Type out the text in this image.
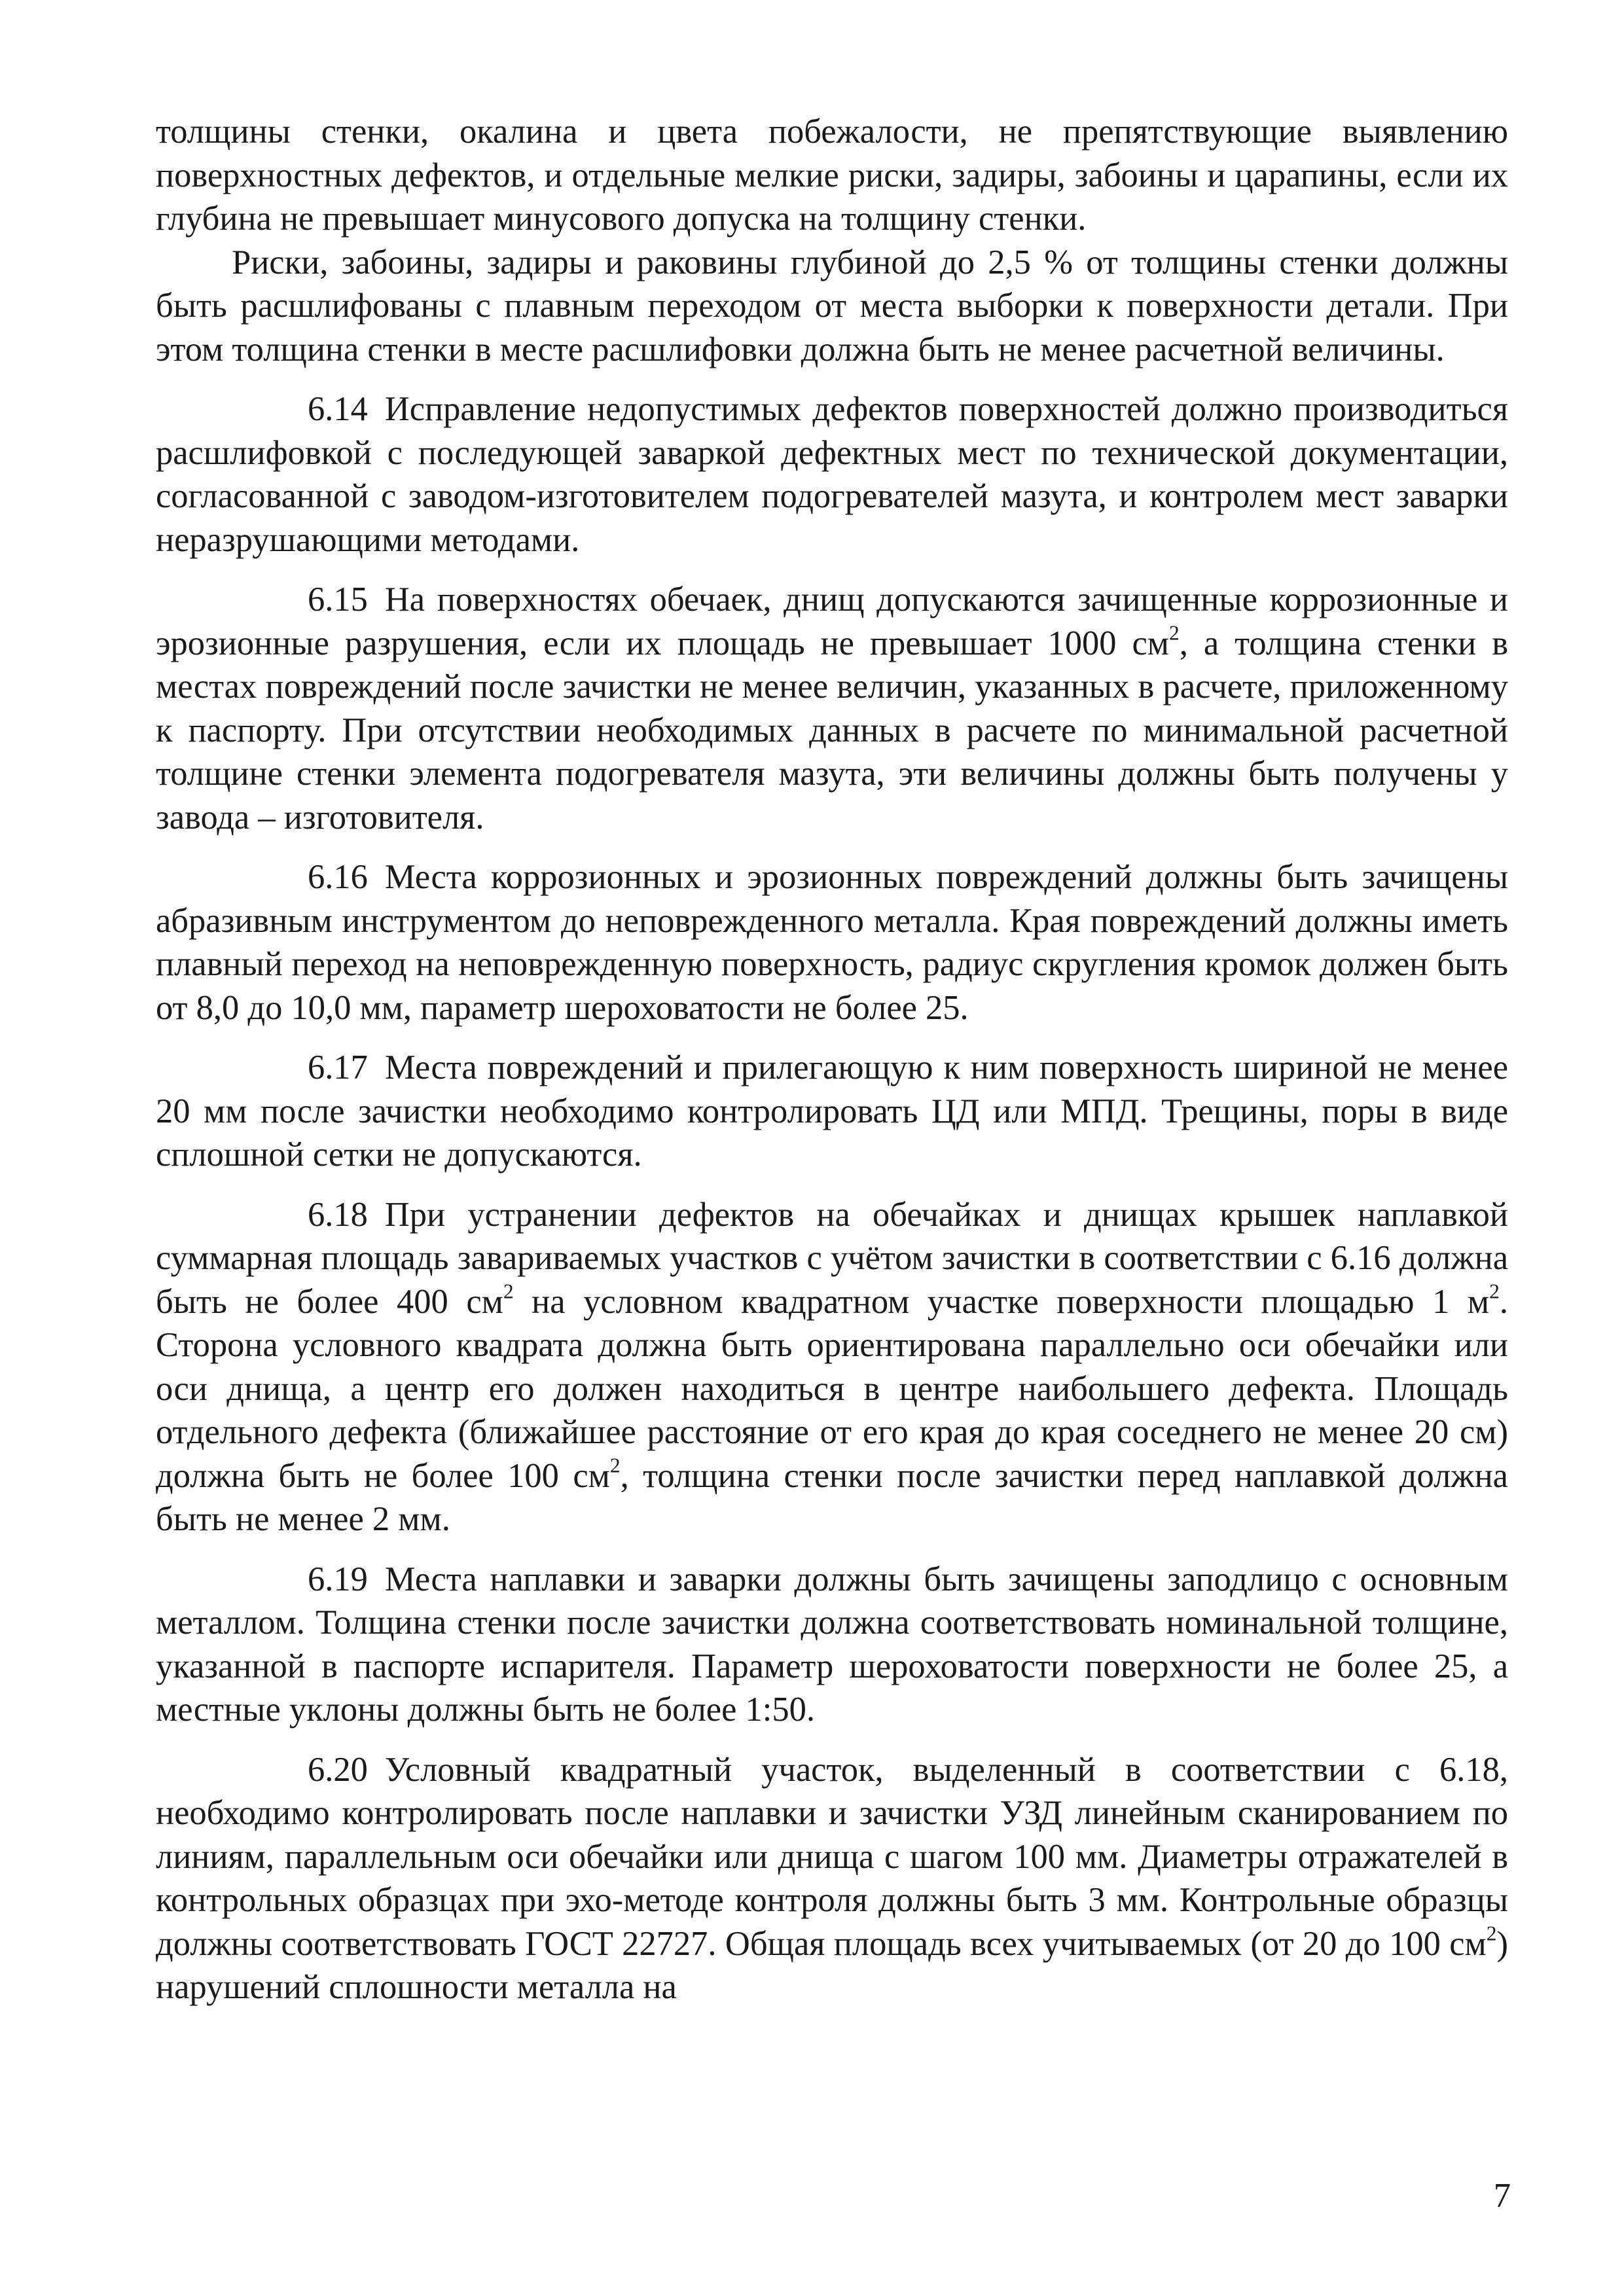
толщины стенки, окалина и цвета побежалости, не препятствующие выявлению поверхностных дефектов, и отдельные мелкие риски, задиры, забоины и царапины, если их глубина не превышает минусового допуска на толщину стенки.

Риски, забоины, задиры и раковины глубиной до 2,5 % от толщины стенки должны быть расшлифованы с плавным переходом от места выборки к поверхности детали. При этом толщина стенки в месте расшлифовки должна быть не менее расчетной величины.

6.14 Исправление недопустимых дефектов поверхностей должно производиться расшлифовкой с последующей заваркой дефектных мест по технической документации, согласованной с заводом-изготовителем подогревателей мазута, и контролем мест заварки неразрушающими методами.

6.15 На поверхностях обечаек, днищ допускаются зачищенные коррозионные и эрозионные разрушения, если их площадь не превышает 1000 $см^2$, а толщина стенки в местах повреждений после зачистки не менее величин, указанных в расчете, приложенному к паспорту. При отсутствии необходимых данных в расчете по минимальной расчетной толщине стенки элемента подогревателя мазута, эти величины должны быть получены у завода – изготовителя.

6.16 Места коррозионных и эрозионных повреждений должны быть зачищены абразивным инструментом до неповрежденного металла. Края повреждений должны иметь плавный переход на неповрежденную поверхность, радиус скругления кромок должен быть от 8,0 до 10,0 мм, параметр шероховатости не более 25.

6.17 Места повреждений и прилегающую к ним поверхность шириной не менее 20 мм после зачистки необходимо контролировать ЦД или МПД. Трещины, поры в виде сплошной сетки не допускаются.

6.18 При устранении дефектов на обечайках и днищах крышек наплавкой суммарная площадь завариваемых участков с учётом зачистки в соответствии с 6.16 должна быть не более 400 $см^2$ на условном квадратном участке поверхности площадью 1 $м^2$. Сторона условного квадрата должна быть ориентирована параллельно оси обечайки или оси днища, а центр его должен находиться в центре наибольшего дефекта. Площадь отдельного дефекта (ближайшее расстояние от его края до края соседнего не менее 20 см) должна быть не более 100 $см^2$, толщина стенки после зачистки перед наплавкой должна быть не менее 2 мм.

6.19 Места наплавки и заварки должны быть зачищены заподлицо с основным металлом. Толщина стенки после зачистки должна соответствовать номинальной толщине, указанной в паспорте испарителя. Параметр шероховатости поверхности не более 25, а местные уклоны должны быть не более 1:50.

6.20 Условный квадратный участок, выделенный в соответствии с 6.18, необходимо контролировать после наплавки и зачистки УЗД линейным сканированием по линиям, параллельным оси обечайки или днища с шагом 100 мм. Диаметры отражателей в контрольных образцах при эхо-методе контроля должны быть 3 мм. Контрольные образцы должны соответствовать ГОСТ 22727. Общая площадь всех учитываемых (от 20 до 100 $см^2$) нарушений сплошности металла на

7
